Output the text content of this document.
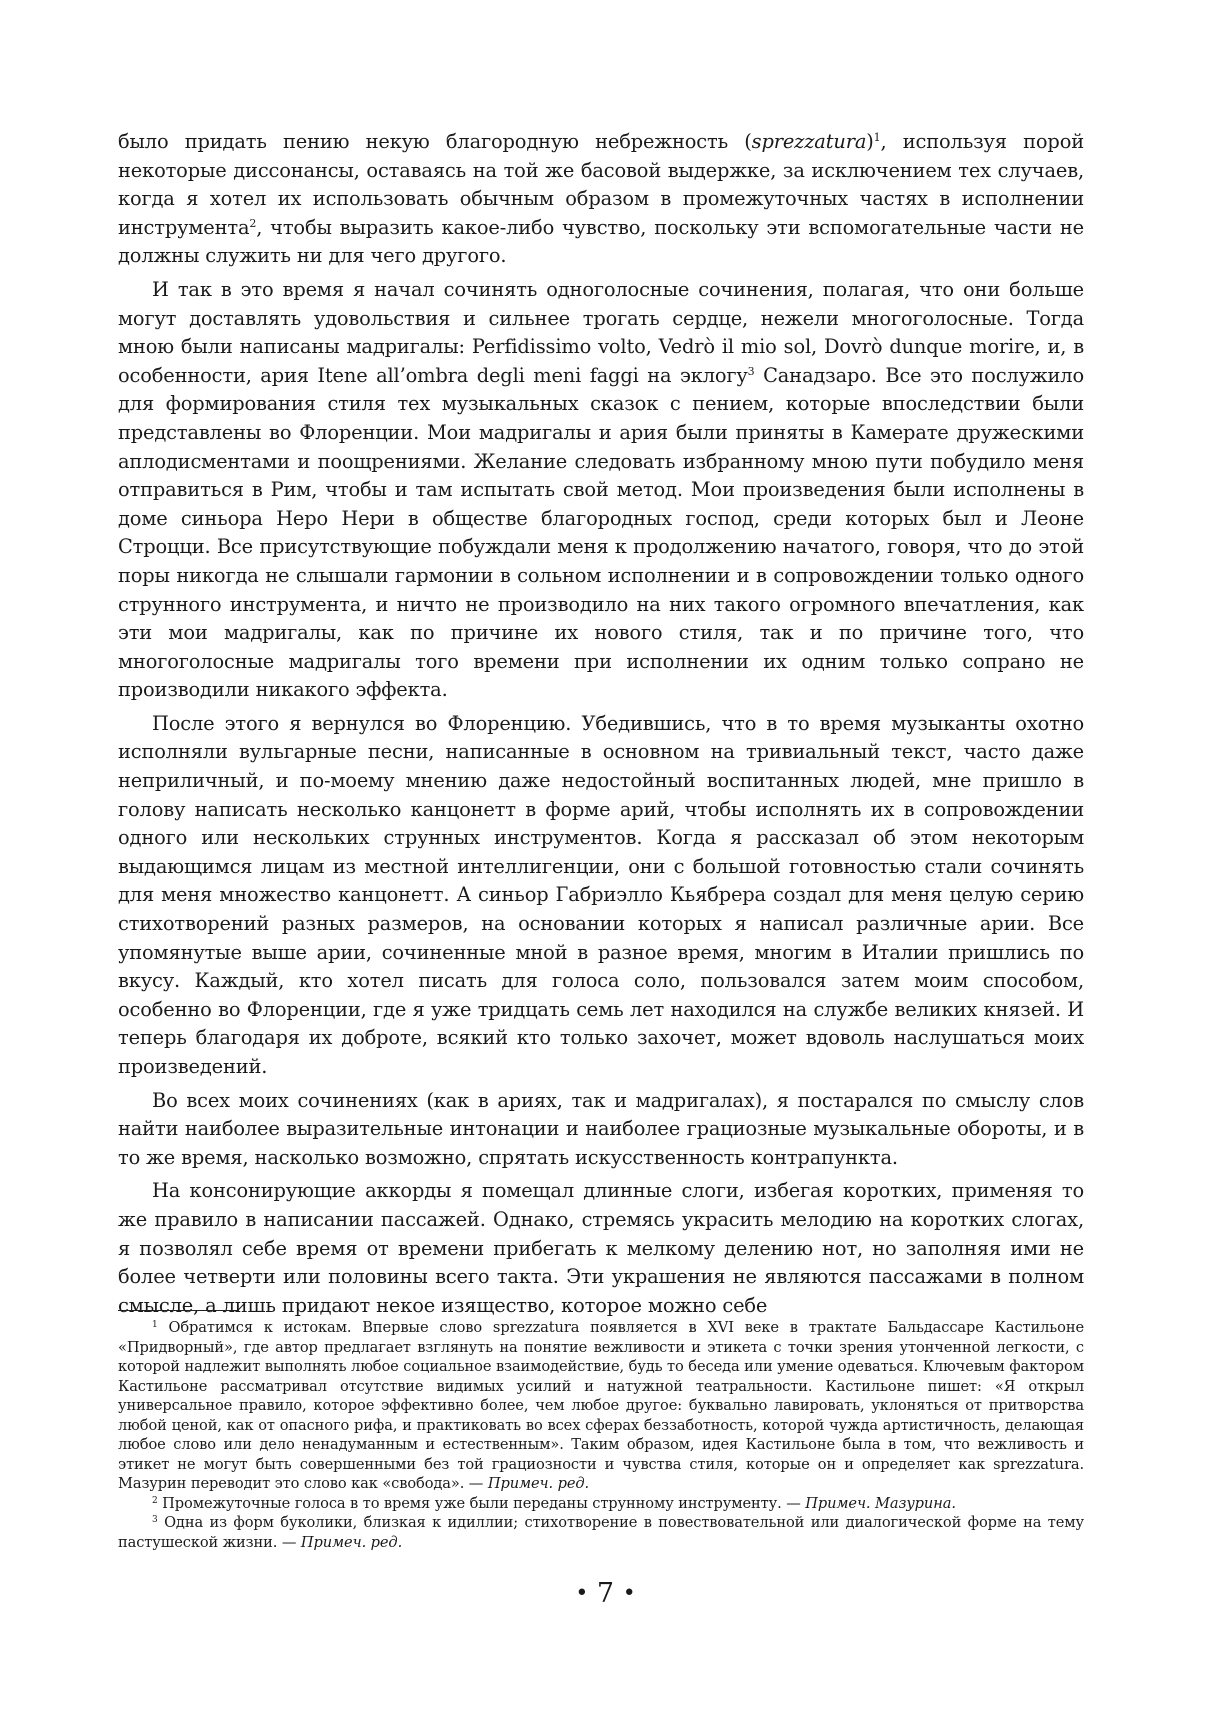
было придать пению некую благородную небрежность (sprezzatura)$^1$, используя порой некоторые диссонансы, оставаясь на той же басовой выдержке, за исключением тех случаев, когда я хотел их использовать обычным образом в промежуточных частях в исполнении инструмента$^2$, чтобы выразить какое-либо чувство, поскольку эти вспомогательные части не должны служить ни для чего другого.

И так в это время я начал сочинять одноголосные сочинения, полагая, что они больше могут доставлять удовольствия и сильнее трогать сердце, нежели многоголосные. Тогда мною были написаны мадригалы: Perfidissimo volto, Vedrò il mio sol, Dovrò dunque morire, и, в особенности, ария Itene all’ombra degli meni faggi на эклогу$^3$ Санадзаро. Все это послужило для формирования стиля тех музыкальных сказок с пением, которые впоследствии были представлены во Флоренции. Мои мадригалы и ария были приняты в Камерате дружескими аплодисментами и поощрениями. Желание следовать избранному мною пути побудило меня отправиться в Рим, чтобы и там испытать свой метод. Мои произведения были исполнены в доме синьора Неро Нери в обществе благородных господ, среди которых был и Леоне Строцци. Все присутствующие побуждали меня к продолжению начатого, говоря, что до этой поры никогда не слышали гармонии в сольном исполнении и в сопровождении только одного струнного инструмента, и ничто не производило на них такого огромного впечатления, как эти мои мадригалы, как по причине их нового стиля, так и по причине того, что многоголосные мадригалы того времени при исполнении их одним только сопрано не производили никакого эффекта.

После этого я вернулся во Флоренцию. Убедившись, что в то время музыканты охотно исполняли вульгарные песни, написанные в основном на тривиальный текст, часто даже неприличный, и по-моему мнению даже недостойный воспитанных людей, мне пришло в голову написать несколько канцонетт в форме арий, чтобы исполнять их в сопровождении одного или нескольких струнных инструментов. Когда я рассказал об этом некоторым выдающимся лицам из местной интеллигенции, они с большой готовностью стали сочинять для меня множество канцонетт. А синьор Габриэлло Кьябрера создал для меня целую серию стихотворений разных размеров, на основании которых я написал различные арии. Все упомянутые выше арии, сочиненные мной в разное время, многим в Италии пришлись по вкусу. Каждый, кто хотел писать для голоса соло, пользовался затем моим способом, особенно во Флоренции, где я уже тридцать семь лет находился на службе великих князей. И теперь благодаря их доброте, всякий кто только захочет, может вдоволь наслушаться моих произведений.

Во всех моих сочинениях (как в ариях, так и мадригалах), я постарался по смыслу слов найти наиболее выразительные интонации и наиболее грациозные музыкальные обороты, и в то же время, насколько возможно, спрятать искусственность контрапункта.

На консонирующие аккорды я помещал длинные слоги, избегая коротких, применяя то же правило в написании пассажей. Однако, стремясь украсить мелодию на коротких слогах, я позволял себе время от времени прибегать к мелкому делению нот, но заполняя ими не более четверти или половины всего такта. Эти украшения не являются пассажами в полном смысле, а лишь придают некое изящество, которое можно себе

$^1$ Обратимся к истокам. Впервые слово sprezzatura появляется в XVI веке в трактате Бальдассаре Кастильоне «Придворный», где автор предлагает взглянуть на понятие вежливости и этикета с точки зрения утонченной легкости, с которой надлежит выполнять любое социальное взаимодействие, будь то беседа или умение одеваться. Ключевым фактором Кастильоне рассматривал отсутствие видимых усилий и натужной театральности. Кастильоне пишет: «Я открыл универсальное правило, которое эффективно более, чем любое другое: буквально лавировать, уклоняться от притворства любой ценой, как от опасного рифа, и практиковать во всех сферах беззаботность, которой чужда артистичность, делающая любое слово или дело ненадуманным и естественным». Таким образом, идея Кастильоне была в том, что вежливость и этикет не могут быть совершенными без той грациозности и чувства стиля, которые он и определяет как sprezzatura. Мазурин переводит это слово как «свобода». — Примеч. ред.

$^2$ Промежуточные голоса в то время уже были переданы струнному инструменту. — Примеч. Мазурина.

$^3$ Одна из форм буколики, близкая к идиллии; стихотворение в повествовательной или диалогической форме на тему пастушеской жизни. — Примеч. ред.

• 7 •
